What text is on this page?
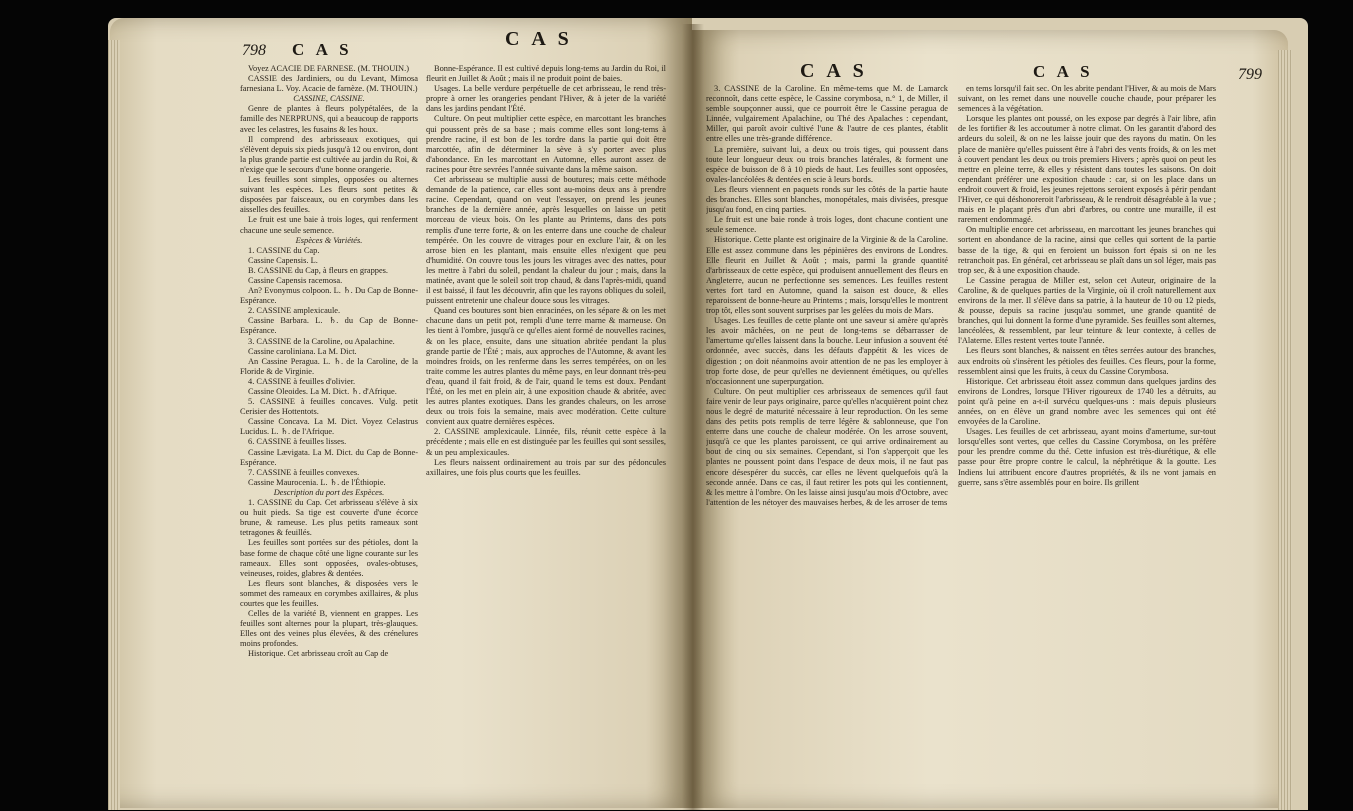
798 C A S	C A S

Voyez ACACIE DE FARNESE. (M. THOUIN.)

CASSIE des Jardiniers, ou du Levant, Mimosa farnesiana L. Voy. Acacie de farnèze. (M. THOUIN.)

CASSINE, CASSINE.

Genre de plantes à fleurs polypétalées, de la famille des NERPRUNS, qui a beaucoup de rapports avec les celastres, les fusains & les houx.

Il comprend des arbrisseaux exotiques, qui s'élèvent depuis six pieds jusqu'à 12 ou environ, dont la plus grande partie est cultivée au jardin du Roi, & n'exige que le secours d'une bonne orangerie.

Les feuilles sont simples, opposées ou alternes suivant les espèces. Les fleurs sont petites & disposées par faisceaux, ou en corymbes dans les aisselles des feuilles.

Le fruit est une baie à trois loges, qui renferment chacune une seule semence.

Espèces & Variétés.

1. CASSINE du Cap.

Cassine Capensis. L.

B. CASSINE du Cap, à fleurs en grappes.

Cassine Capensis racemosa.

An? Evonymus colpoon. L. ♄. Du Cap de Bonne-Espérance.

2. CASSINE amplexicaule.

Cassine Barbara. L. ♄. du Cap de Bonne-Espérance.

3. CASSINE de la Caroline, ou Apalachine.

Cassine caroliniana. La M. Dict.

An Cassine Peragua. L. ♄. de la Caroline, de la Floride & de Virginie.

4. CASSINE à feuilles d'olivier.

Cassine Oleoides. La M. Dict. ♄. d'Afrique.

5. CASSINE à feuilles concaves. Vulg. petit Cerisier des Hottentots.

Cassine Concava. La M. Dict. Voyez Celastrus Lucidus. L. ♄. de l'Afrique.

6. CASSINE à feuilles lisses.

Cassine Lævigata. La M. Dict. du Cap de Bonne-Espérance.

7. CASSINE à feuilles convexes.

Cassine Maurocenia. L. ♄. de l'Éthiopie.

Description du port des Espèces.

1. CASSINE du Cap. Cet arbrisseau s'élève à six ou huit pieds. Sa tige est couverte d'une écorce brune, & rameuse. Les plus petits rameaux sont tetragones & feuillés.

Les feuilles sont portées sur des pétioles, dont la base forme de chaque côté une ligne courante sur les rameaux. Elles sont opposées, ovales-obtuses, veineuses, roides, glabres & dentées.

Les fleurs sont blanches, & disposées vers le sommet des rameaux en corymbes axillaires, & plus courtes que les feuilles.

Celles de la variété B, viennent en grappes. Les feuilles sont alternes pour la plupart, très-glauques. Elles ont des veines plus élevées, & des crénelures moins profondes.

Historique. Cet arbrisseau croît au Cap de

Bonne-Espérance. Il est cultivé depuis long-tems au Jardin du Roi, il fleurit en Juillet & Août ; mais il ne produit point de baies.

Usages. La belle verdure perpétuelle de cet arbrisseau, le rend très-propre à orner les orangeries pendant l'Hiver, & à jeter de la variété dans les jardins pendant l'Été.

Culture. On peut multiplier cette espèce, en marcottant les branches qui poussent près de sa base ; mais comme elles sont long-tems à prendre racine, il est bon de les tordre dans la partie qui doit être marcottée, afin de déterminer la sève à s'y porter avec plus d'abondance. En les marcottant en Automne, elles auront assez de racines pour être sevrées l'année suivante dans la même saison.

Cet arbrisseau se multiplie aussi de boutures; mais cette méthode demande de la patience, car elles sont au-moins deux ans à prendre racine. Cependant, quand on veut l'essayer, on prend les jeunes branches de la dernière année, après lesquelles on laisse un petit morceau de vieux bois. On les plante au Printems, dans des pots remplis d'une terre forte, & on les enterre dans une couche de chaleur tempérée. On les couvre de vitrages pour en exclure l'air, & on les arrose bien en les plantant, mais ensuite elles n'exigent que peu d'humidité. On couvre tous les jours les vitrages avec des nattes, pour les mettre à l'abri du soleil, pendant la chaleur du jour ; mais, dans la matinée, avant que le soleil soit trop chaud, & dans l'après-midi, quand il est baissé, il faut les découvrir, afin que les rayons obliques du soleil, puissent entretenir une chaleur douce sous les vitrages.

Quand ces boutures sont bien enracinées, on les sépare & on les met chacune dans un petit pot, rempli d'une terre marne & marneuse. On les tient à l'ombre, jusqu'à ce qu'elles aient formé de nouvelles racines, & on les place, ensuite, dans une situation abritée pendant la plus grande partie de l'Été ; mais, aux approches de l'Automne, & avant les moindres froids, on les renferme dans les serres tempérées, on on les traite comme les autres plantes du même pays, en leur donnant très-peu d'eau, quand il fait froid, & de l'air, quand le tems est doux. Pendant l'Été, on les met en plein air, à une exposition chaude & abritée, avec les autres plantes exotiques. Dans les grandes chaleurs, on les arrose deux ou trois fois la semaine, mais avec modération. Cette culture convient aux quatre dernières espèces.

2. CASSINE amplexicaule. Linnée, fils, réunit cette espèce à la précédente ; mais elle en est distinguée par les feuilles qui sont sessiles, & un peu amplexicaules.

Les fleurs naissent ordinairement au trois par sur des pédoncules axillaires, une fois plus courts que les feuilles.

C A S	C A S	799

3. CASSINE de la Caroline. En même-tems que M. de Lamarck reconnoît, dans cette espèce, le Cassine corymbosa, n.° 1, de Miller, il semble soupçonner aussi, que ce pourroit être le Cassine peragua de Linnée, vulgairement Apalachine, ou Thé des Apalaches : cependant, Miller, qui paroît avoir cultivé l'une & l'autre de ces plantes, établit entre elles une très-grande différence.

La première, suivant lui, a deux ou trois tiges, qui poussent dans toute leur longueur deux ou trois branches latérales, & forment une espèce de buisson de 8 à 10 pieds de haut. Les feuilles sont opposées, ovales-lancéolées & dentées en scie à leurs bords.

Les fleurs viennent en paquets ronds sur les côtés de la partie haute des branches. Elles sont blanches, monopétales, mais divisées, presque jusqu'au fond, en cinq parties.

Le fruit est une baie ronde à trois loges, dont chacune contient une seule semence.

Historique. Cette plante est originaire de la Virginie & de la Caroline. Elle est assez commune dans les pépinières des environs de Londres. Elle fleurit en Juillet & Août ; mais, parmi la grande quantité d'arbrisseaux de cette espèce, qui produisent annuellement des fleurs en Angleterre, aucun ne perfectionne ses semences. Les feuilles restent vertes fort tard en Automne, quand la saison est douce, & elles reparoissent de bonne-heure au Printems ; mais, lorsqu'elles le montrent trop tôt, elles sont souvent surprises par les gelées du mois de Mars.

Usages. Les feuilles de cette plante ont une saveur si amère qu'après les avoir mâchées, on ne peut de long-tems se débarrasser de l'amertume qu'elles laissent dans la bouche. Leur infusion a souvent été ordonnée, avec succès, dans les défauts d'appétit & les vices de digestion ; on doit néanmoins avoir attention de ne pas les employer à trop forte dose, de peur qu'elles ne deviennent émétiques, ou qu'elles n'occasionnent une superpurgation.

Culture. On peut multiplier ces arbrisseaux de semences qu'il faut faire venir de leur pays originaire, parce qu'elles n'acquièrent point chez nous le degré de maturité nécessaire à leur reproduction. On les seme dans des petits pots remplis de terre légère & sablonneuse, que l'on enterre dans une couche de chaleur modérée. On les arrose souvent, jusqu'à ce que les plantes paroissent, ce qui arrive ordinairement au bout de cinq ou six semaines. Cependant, si l'on s'apperçoit que les plantes ne poussent point dans l'espace de deux mois, il ne faut pas encore désespérer du succès, car elles ne lèvent quelquefois qu'à la seconde année. Dans ce cas, il faut retirer les pots qui les contiennent, & les mettre à l'ombre. On les laisse ainsi jusqu'au mois d'Octobre, avec l'attention de les nétoyer des mauvaises herbes, & de les arroser de tems

en tems lorsqu'il fait sec. On les abrite pendant l'Hiver, & au mois de Mars suivant, on les remet dans une nouvelle couche chaude, pour préparer les semences à la végétation.

Lorsque les plantes ont poussé, on les expose par degrés à l'air libre, afin de les fortifier & les accoutumer à notre climat. On les garantit d'abord des ardeurs du soleil, & on ne les laisse jouir que des rayons du matin. On les place de manière qu'elles puissent être à l'abri des vents froids, & on les met à couvert pendant les deux ou trois premiers Hivers ; après quoi on peut les mettre en pleine terre, & elles y résistent dans toutes les saisons. On doit cependant préférer une exposition chaude : car, si on les place dans un endroit couvert & froid, les jeunes rejettons seroient exposés à périr pendant l'Hiver, ce qui déshonoreroit l'arbrisseau, & le rendroit désagréable à la vue ; mais en le plaçant près d'un abri d'arbres, ou contre une muraille, il est rarement endommagé.

On multiplie encore cet arbrisseau, en marcottant les jeunes branches qui sortent en abondance de la racine, ainsi que celles qui sortent de la partie basse de la tige, & qui en feroient un buisson fort épais si on ne les retranchoit pas. En général, cet arbrisseau se plaît dans un sol léger, mais pas trop sec, & à une exposition chaude.

Le Cassine peragua de Miller est, selon cet Auteur, originaire de la Caroline, & de quelques parties de la Virginie, où il croît naturellement aux environs de la mer. Il s'élève dans sa patrie, à la hauteur de 10 ou 12 pieds, & pousse, depuis sa racine jusqu'au sommet, une grande quantité de branches, qui lui donnent la forme d'une pyramide. Ses feuilles sont alternes, lancéolées, & ressemblent, par leur teinture & leur contexte, à celles de l'Alaterne. Elles restent vertes toute l'année.

Les fleurs sont blanches, & naissent en têtes serrées autour des branches, aux endroits où s'insèrent les pétioles des feuilles. Ces fleurs, pour la forme, ressemblent ainsi que les fruits, à ceux du Cassine Corymbosa.

Historique. Cet arbrisseau étoit assez commun dans quelques jardins des environs de Londres, lorsque l'Hiver rigoureux de 1740 les a détruits, au point qu'à peine en a-t-il survécu quelques-uns : mais depuis plusieurs années, on en élève un grand nombre avec les semences qui ont été envoyées de la Caroline.

Usages. Les feuilles de cet arbrisseau, ayant moins d'amertume, sur-tout lorsqu'elles sont vertes, que celles du Cassine Corymbosa, on les préfère pour les prendre comme du thé. Cette infusion est très-diurétique, & elle passe pour être propre contre le calcul, la néphrétique & la goutte. Les Indiens lui attribuent encore d'autres propriétés, & ils ne vont jamais en guerre, sans s'être assemblés pour en boire. Ils grillent
